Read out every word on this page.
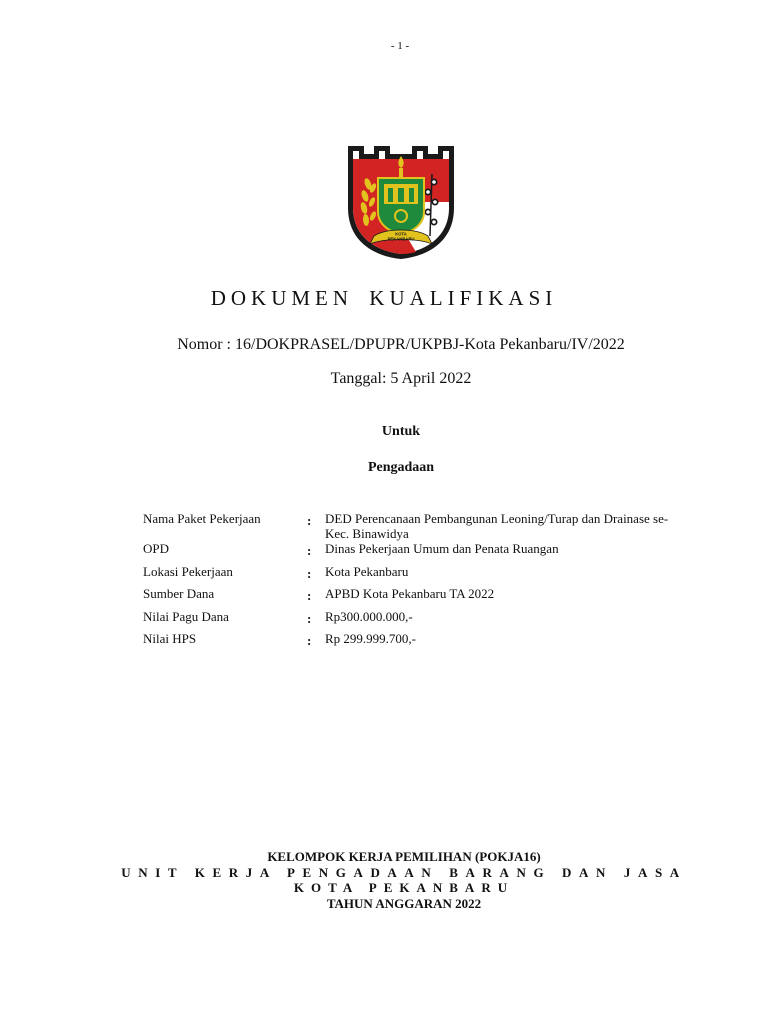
- 1 -
KOTA
PEKANBARU
DOKUMEN KUALIFIKASI
Nomor : 16/DOKPRASEL/DPUPR/UKPBJ-Kota Pekanbaru/IV/2022
Tanggal: 5 April 2022
Untuk
Pengadaan
Nama Paket Pekerjaan	: DED Perencanaan Pembangunan Leoning/Turap dan Drainase se-Kec. Binawidya
OPD	: Dinas Pekerjaan Umum dan Penata Ruangan
Lokasi Pekerjaan	: Kota Pekanbaru
Sumber Dana	: APBD Kota Pekanbaru TA 2022
Nilai Pagu Dana	: Rp300.000.000,-
Nilai HPS	: Rp 299.999.700,-
KELOMPOK KERJA PEMILIHAN (POKJA16)
UNIT KERJA PENGADAAN BARANG DAN JASA
KOTA PEKANBARU
TAHUN ANGGARAN 2022
